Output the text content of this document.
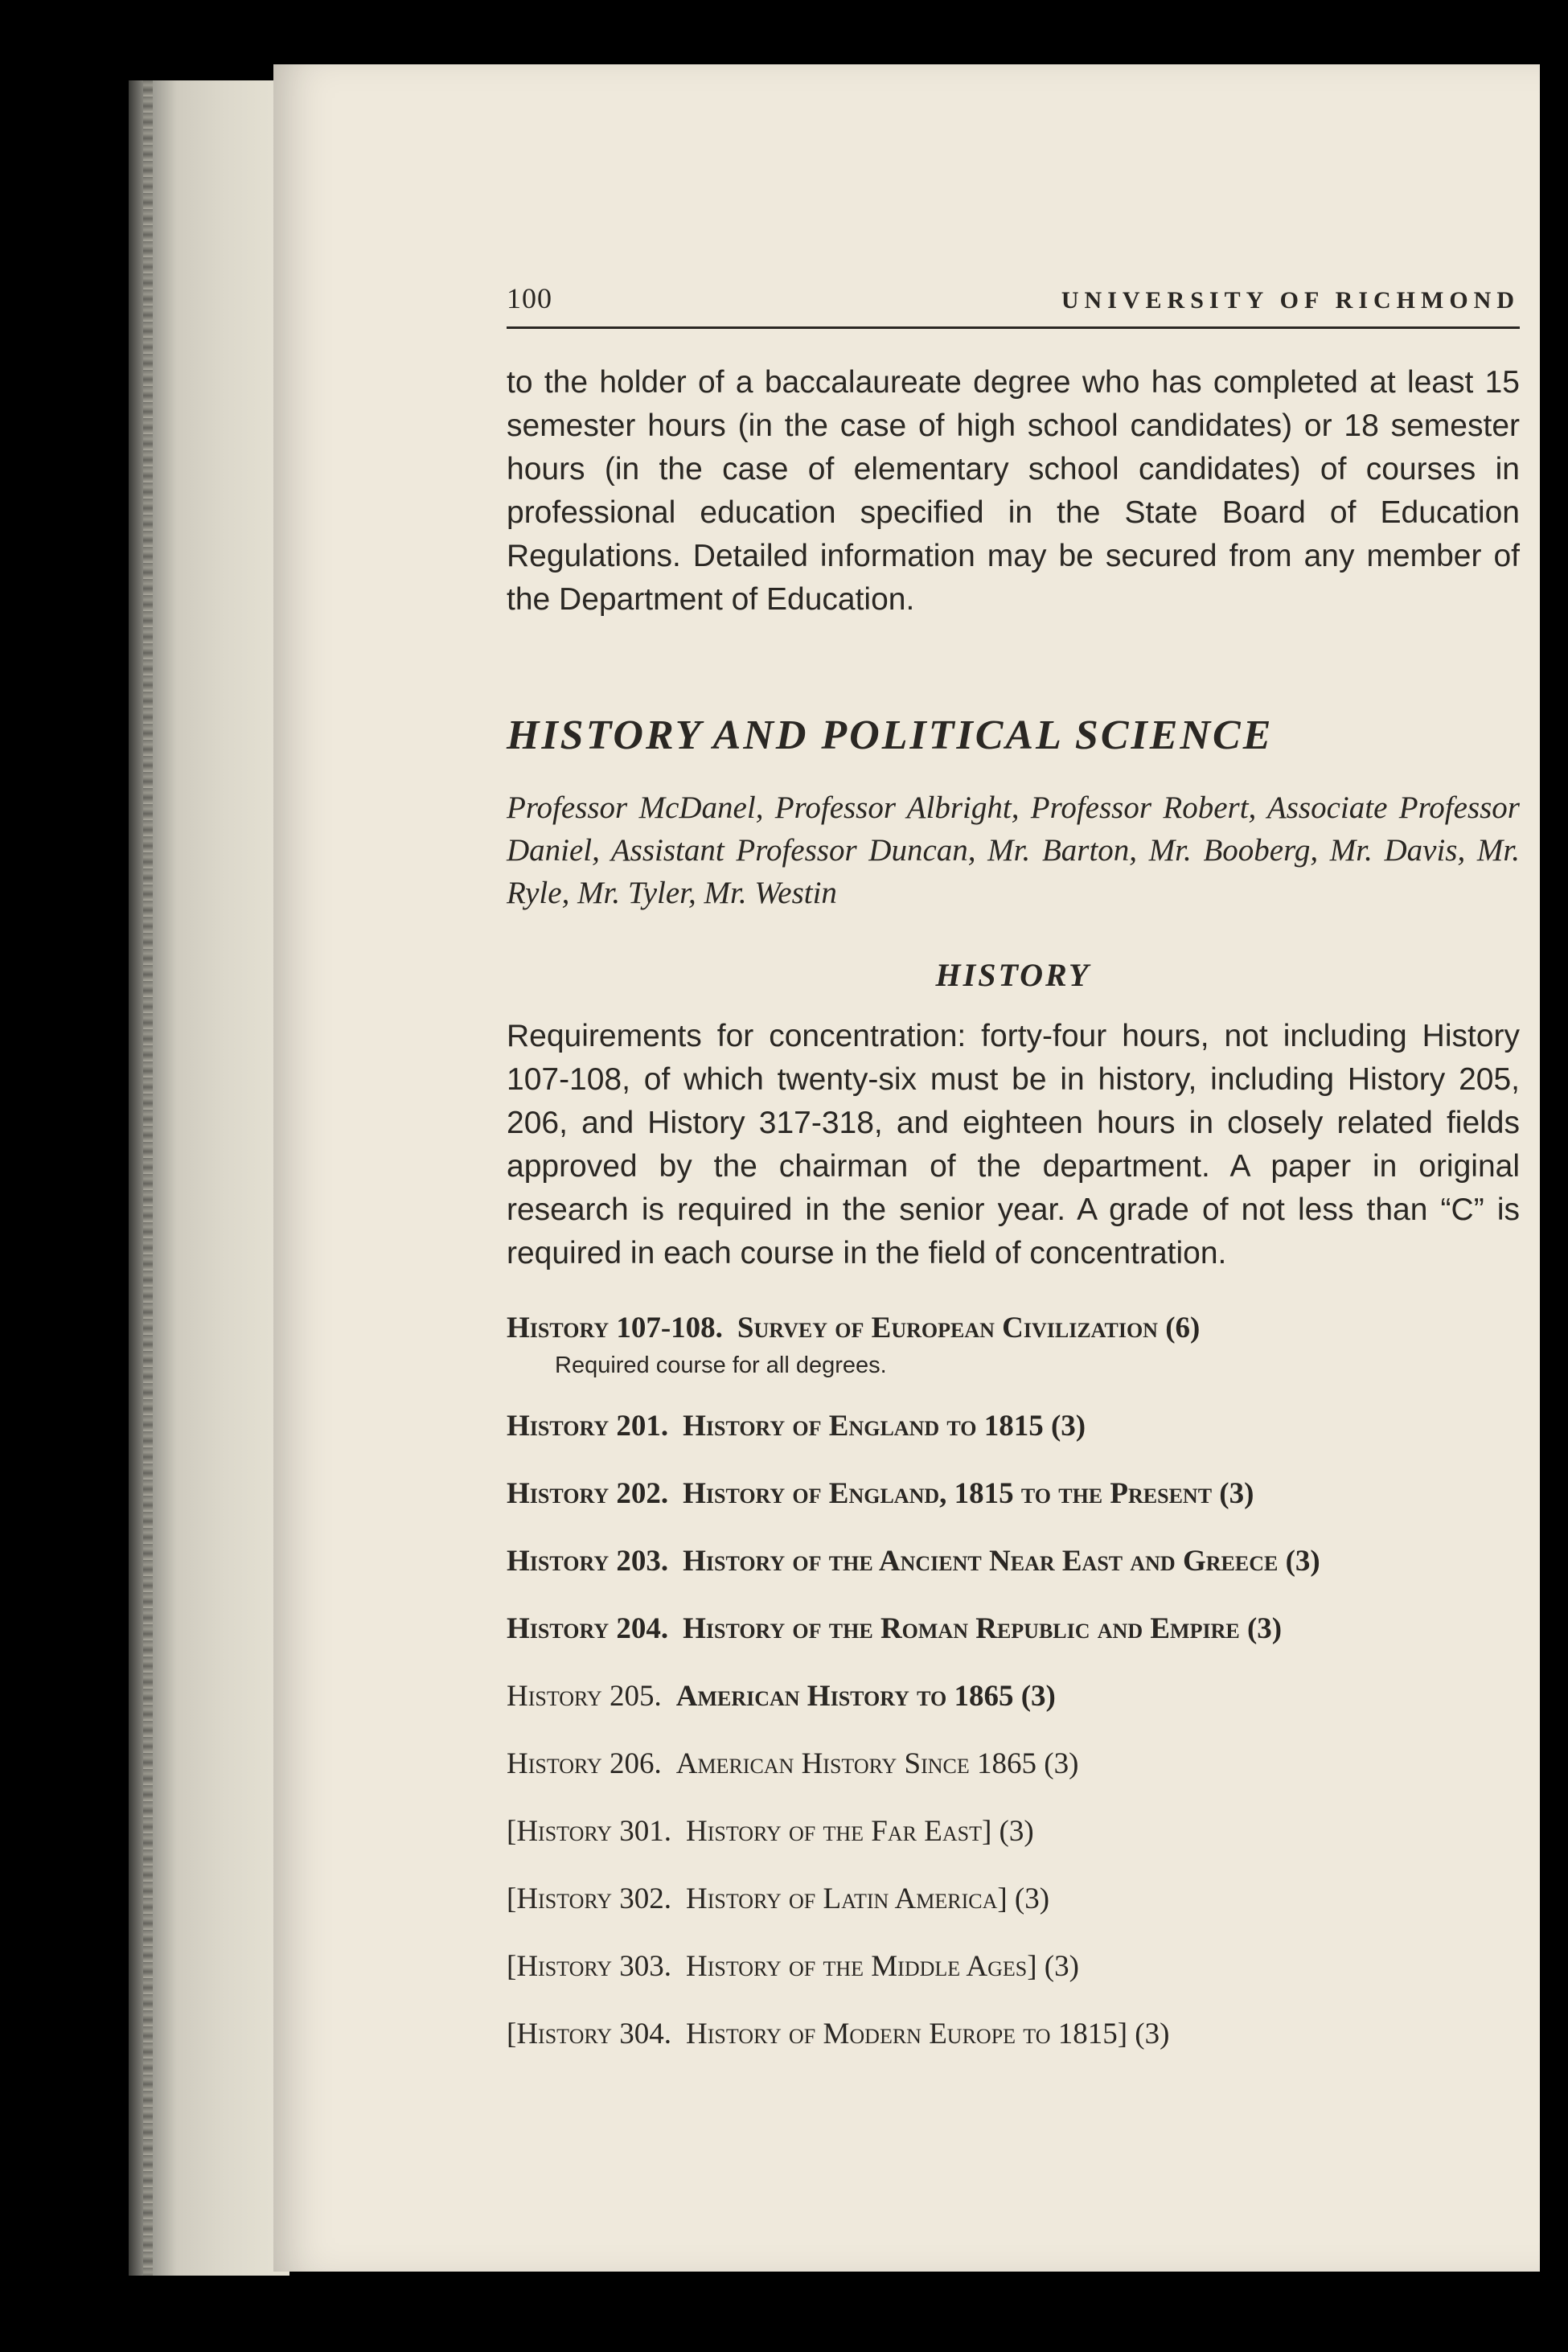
100	UNIVERSITY OF RICHMOND

to the holder of a baccalaureate degree who has completed at least 15 semester hours (in the case of high school candidates) or 18 semester hours (in the case of elementary school candidates) of courses in professional education specified in the State Board of Education Regulations. Detailed information may be secured from any member of the Department of Education.

HISTORY AND POLITICAL SCIENCE

Professor McDanel, Professor Albright, Professor Robert, Associate Professor Daniel, Assistant Professor Duncan, Mr. Barton, Mr. Booberg, Mr. Davis, Mr. Ryle, Mr. Tyler, Mr. Westin

HISTORY

Requirements for concentration: forty-four hours, not including History 107-108, of which twenty-six must be in history, including History 205, 206, and History 317-318, and eighteen hours in closely related fields approved by the chairman of the department. A paper in original research is required in the senior year. A grade of not less than “C” is required in each course in the field of concentration.

History 107-108. Survey of European Civilization (6)
Required course for all degrees.
History 201. History of England to 1815 (3)
History 202. History of England, 1815 to the Present (3)
History 203. History of the Ancient Near East and Greece (3)
History 204. History of the Roman Republic and Empire (3)
History 205. American History to 1865 (3)
History 206. American History Since 1865 (3)
[History 301. History of the Far East] (3)
[History 302. History of Latin America] (3)
[History 303. History of the Middle Ages] (3)
[History 304. History of Modern Europe to 1815] (3)
